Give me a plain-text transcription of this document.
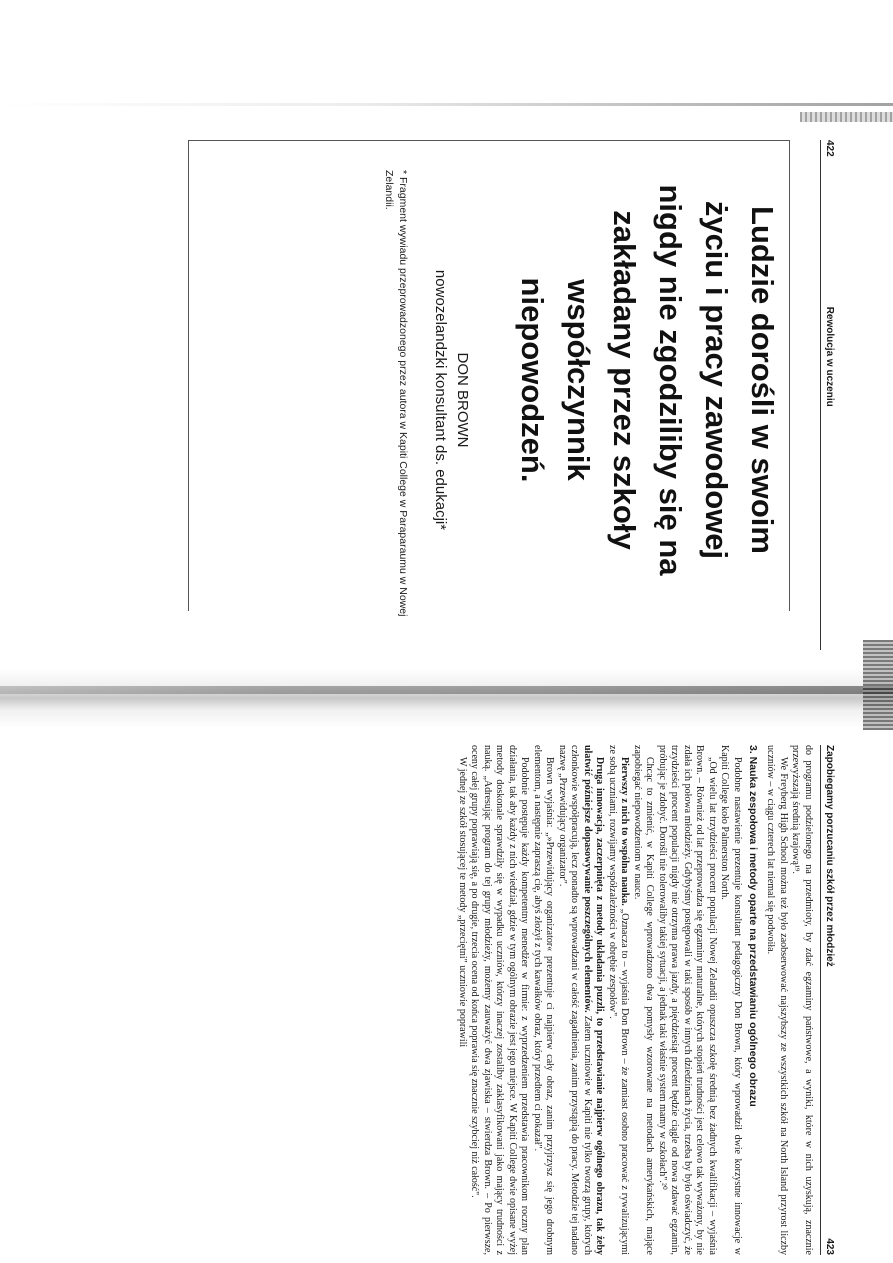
422
Rewolucja w uczeniu
Ludzie dorośli w swoim życiu i pracy zawodowej nigdy nie zgodziliby się na zakładany przez szkoły współczynnik niepowodzeń.
DON BROWN
nowozelandzki konsultant ds. edukacji*
* Fragment wywiadu przeprowadzonego przez autora w Kapiti College w Paraparaumu w Nowej Zelandii.
Zapobiegamy porzucaniu szkół przez młodzież
423

do programu podzielonego na przedmioty, by zdać egzaminy państwowe, a wyniki, które w nich uzyskują, znacznie przewyższają średnią krajową¹⁹.

We Freyberg High School można też było zaobserwować najszybszy ze wszystkich szkół na North Island przyrost liczby uczniów – w ciągu czterech lat niemal się podwoiła.

3. Nauka zespołowa i metody oparte na przedstawianiu ogólnego obrazu

Podobne nastawienie prezentuje konsultant pedagogiczny Don Brown, który wprowadził dwie korzystne innowacje w Kapiti College koło Palmerston North.

„Od wielu lat trzydzieści procent populacji Nowej Zelandii opuszcza szkołę średnią bez żadnych kwalifikacji – wyjaśnia Brown. – Również od lat przeprowadza się egzaminy maturalne, których stopień trudności jest celowo tak wyważony, by nie zdała ich połowa młodzieży. Gdybyśmy postępowali w taki sposób w innych dziedzinach życia, trzeba by było oświadczyć, że trzydzieści procent populacji nigdy nie otrzyma prawa jazdy, a pięćdziesiąt procent będzie ciągle od nowa zdawać egzamin, próbując je zdobyć. Dorośli nie tolerowaliby takiej sytuacji, a jednak taki właśnie system mamy w szkołach".²⁰

Chcąc to zmienić, w Kapiti College wprowadzono dwa pomysły wzorowane na metodach amerykańskich, mające zapobiegać niepowodzeniom w nauce.

Pierwszy z nich to wspólna nauka. „Oznacza to – wyjaśnia Don Brown – że zamiast osobno pracować z rywalizującymi ze sobą uczniami, rozwijamy współzależności w obrębie zespołów".

Druga innowacja, zaczerpnięta z metody układania puzzli, to przedstawianie najpierw ogólnego obrazu, tak żeby ułatwić późniejsze dopasowywanie poszczególnych elementów. Zatem uczniowie w Kapiti nie tylko tworzą grupy, których członkowie współpracują, lecz ponadto są wprowadzani w całość zagadnienia, zanim przystąpią do pracy. Metodzie tej nadano nazwę „Przewidujący organizator".

Brown wyjaśnia: „»Przewidujący organizator« prezentuje ci najpierw cały obraz, zanim przyjrzysz się jego drobnym elementom, a następnie zapraszą cię, abyś złożył z tych kawałków obraz, który przedtem ci pokazał".

Podobnie postępuje każdy kompetentny menedżer w firmie: z wyprzedzeniem przedstawia pracownikom roczny plan działania, tak aby każdy z nich wiedział, gdzie w tym ogólnym obrazie jest jego miejsce. W Kapiti College dwie opisane wyżej metody doskonale sprawdziły się w wypadku uczniów, którzy inaczej zostaliby zaklasyfikowani jako mający trudności z nauką. „Adresując program do tej grupy młodzieży, możemy zauważyć dwa zjawiska – stwierdza Brown. – Po pierwsze, oceny całej grupy poprawiają się, a po drugie, trzecia ocena od końca poprawia się znacznie szybciej niż całość".

W jednej ze szkół stosującej te metody „przeciętni" uczniowie poprawili
